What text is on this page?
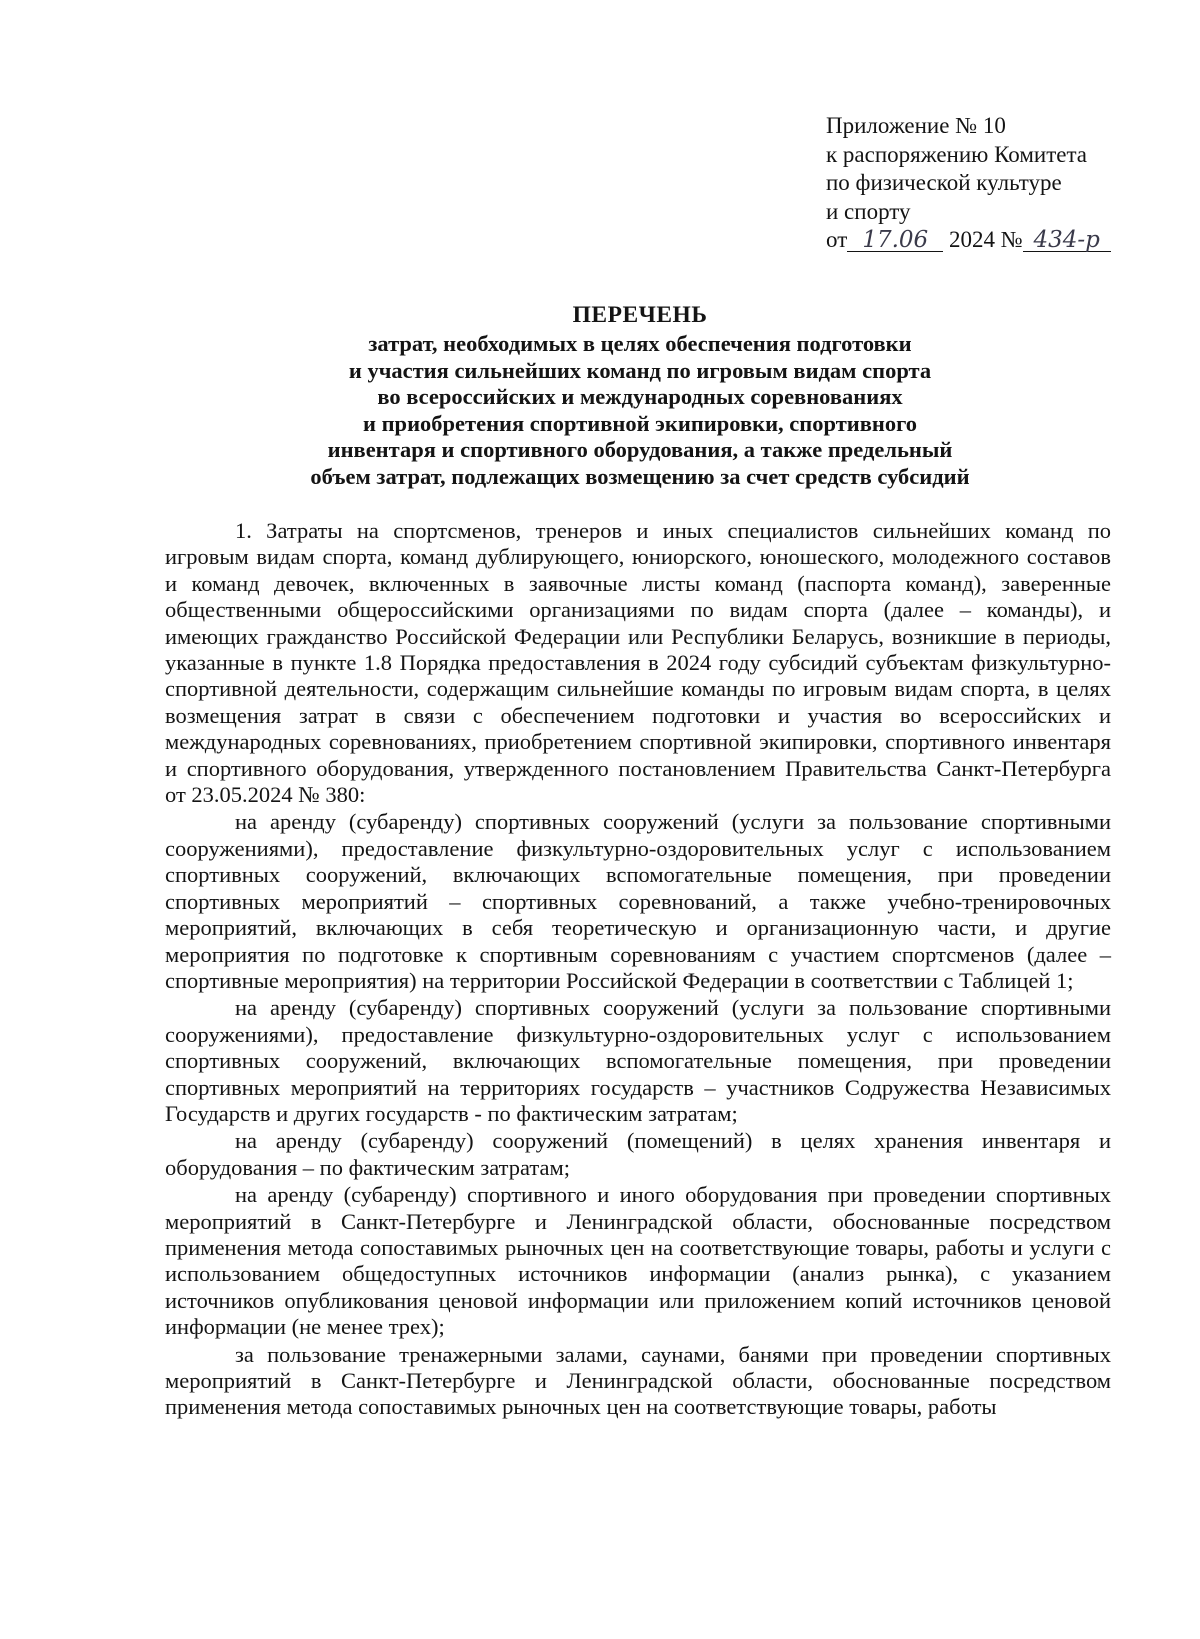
Приложение № 10
к распоряжению Комитета
по физической культуре
и спорту
от 17.06 2024 № 434-р
ПЕРЕЧЕНЬ
затрат, необходимых в целях обеспечения подготовки
и участия сильнейших команд по игровым видам спорта
во всероссийских и международных соревнованиях
и приобретения спортивной экипировки, спортивного
инвентаря и спортивного оборудования, а также предельный
объем затрат, подлежащих возмещению за счет средств субсидий

1. Затраты на спортсменов, тренеров и иных специалистов сильнейших команд по игровым видам спорта, команд дублирующего, юниорского, юношеского, молодежного составов и команд девочек, включенных в заявочные листы команд (паспорта команд), заверенные общественными общероссийскими организациями по видам спорта (далее – команды), и имеющих гражданство Российской Федерации или Республики Беларусь, возникшие в периоды, указанные в пункте 1.8 Порядка предоставления в 2024 году субсидий субъектам физкультурно-спортивной деятельности, содержащим сильнейшие команды по игровым видам спорта, в целях возмещения затрат в связи с обеспечением подготовки и участия во всероссийских и международных соревнованиях, приобретением спортивной экипировки, спортивного инвентаря и спортивного оборудования, утвержденного постановлением Правительства Санкт-Петербурга от 23.05.2024 № 380:

на аренду (субаренду) спортивных сооружений (услуги за пользование спортивными сооружениями), предоставление физкультурно-оздоровительных услуг с использованием спортивных сооружений, включающих вспомогательные помещения, при проведении спортивных мероприятий – спортивных соревнований, а также учебно-тренировочных мероприятий, включающих в себя теоретическую и организационную части, и другие мероприятия по подготовке к спортивным соревнованиям с участием спортсменов (далее – спортивные мероприятия) на территории Российской Федерации в соответствии с Таблицей 1;

на аренду (субаренду) спортивных сооружений (услуги за пользование спортивными сооружениями), предоставление физкультурно-оздоровительных услуг с использованием спортивных сооружений, включающих вспомогательные помещения, при проведении спортивных мероприятий на территориях государств – участников Содружества Независимых Государств и других государств - по фактическим затратам;

на аренду (субаренду) сооружений (помещений) в целях хранения инвентаря и оборудования – по фактическим затратам;

на аренду (субаренду) спортивного и иного оборудования при проведении спортивных мероприятий в Санкт-Петербурге и Ленинградской области, обоснованные посредством применения метода сопоставимых рыночных цен на соответствующие товары, работы и услуги с использованием общедоступных источников информации (анализ рынка), с указанием источников опубликования ценовой информации или приложением копий источников ценовой информации (не менее трех);

за пользование тренажерными залами, саунами, банями при проведении спортивных мероприятий в Санкт-Петербурге и Ленинградской области, обоснованные посредством применения метода сопоставимых рыночных цен на соответствующие товары, работы
